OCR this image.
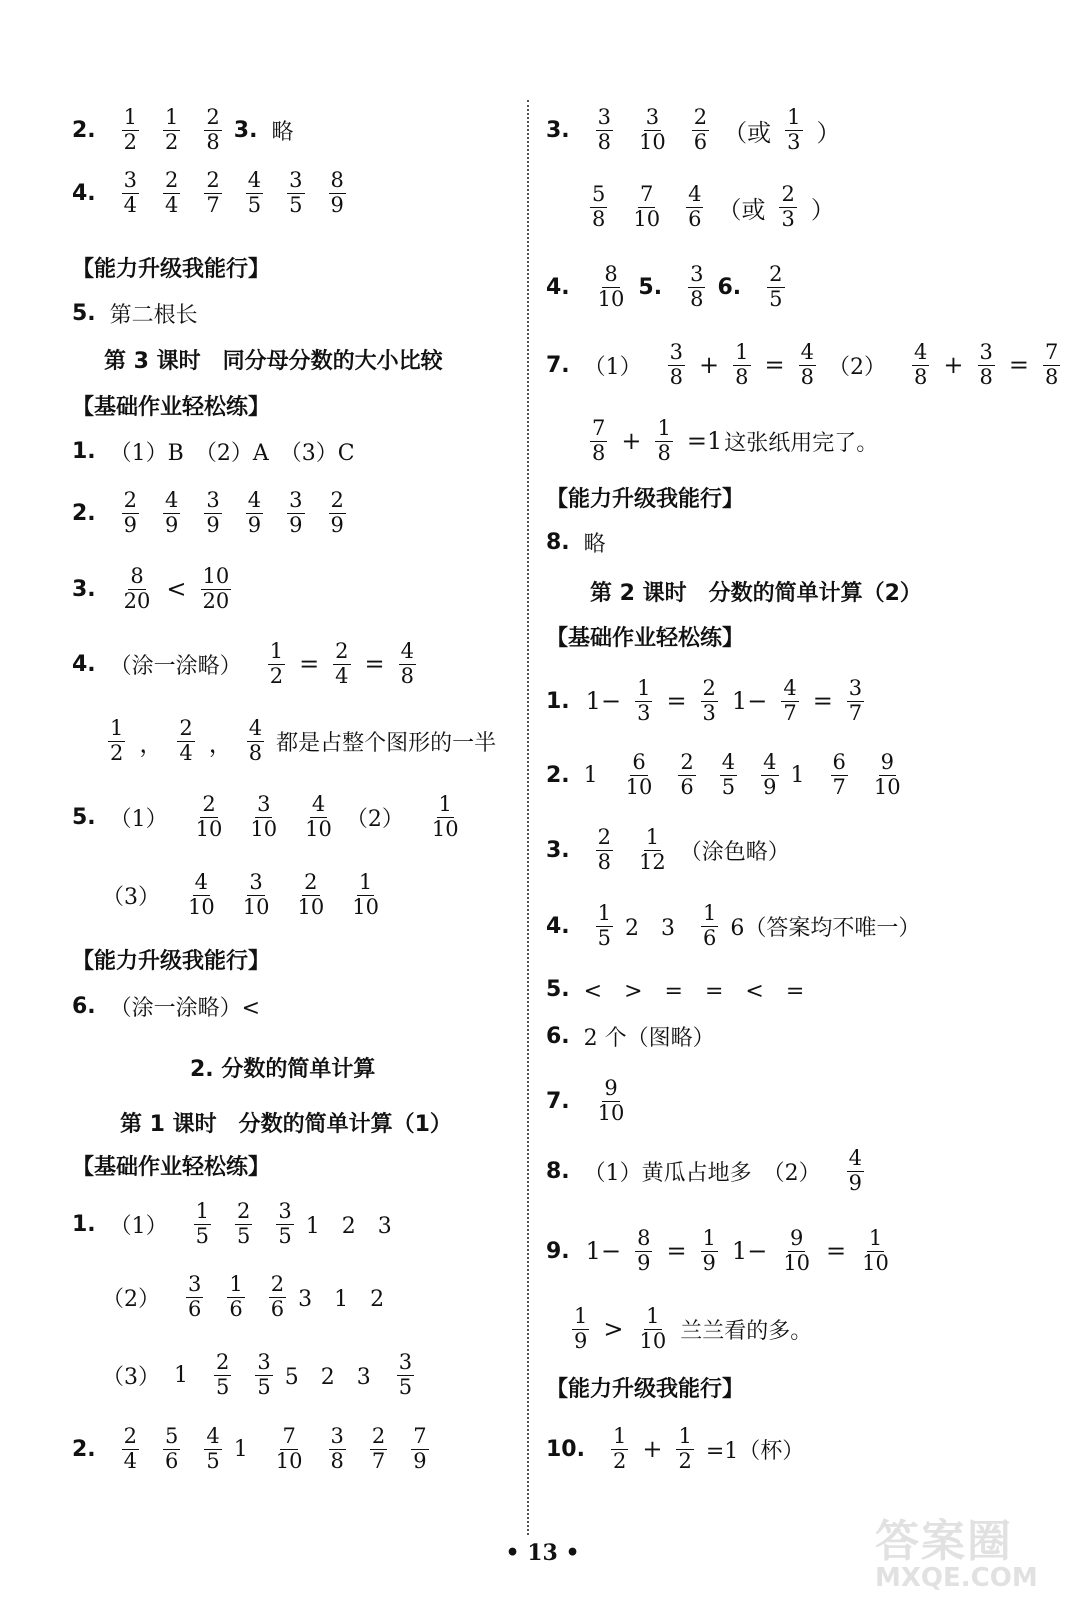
2. $\frac{1}{2} \frac{1}{2} \frac{2}{8} 3$. 略
4. $\frac{3}{4} \frac{2}{4} \frac{2}{7} \frac{4}{5} \frac{3}{5} \frac{8}{9}$
【能力升级我能行】
5. 第二根长
第 3 课时　同分母分数的大小比较
【基础作业轻松练】
1. （1）B　（2）A　（3）C
2. $\frac{2}{9} \frac{4}{9} \frac{3}{9} \frac{4}{9} \frac{3}{9} \frac{2}{9}$
3. $\frac{8}{20} < \frac{10}{20}$
4. （涂一涂略） $\frac{1}{2} = \frac{2}{4} = \frac{4}{8}$
$\frac{1}{2}$ ， $\frac{2}{4}$ ， $\frac{4}{8}$ 都是占整个图形的一半
5. $(1) \frac{2}{10} \frac{3}{10} \frac{4}{10} (2) \frac{1}{10}$
$(3) \frac{4}{10} \frac{3}{10} \frac{2}{10} \frac{1}{10}$
【能力升级我能行】
6. （涂一涂略）<
2. 分数的简单计算
第 1 课时　分数的简单计算（1）
【基础作业轻松练】
1. $(1) \frac{1}{5} \frac{2}{5} \frac{3}{5} 1$　2　3
$(2) \frac{3}{6} \frac{1}{6} \frac{2}{6} 3$　1　2
（3） $1 \frac{2}{5} \frac{3}{5} 5$　2　$3 \frac{3}{5}$
2. $\frac{2}{4} \frac{5}{6} \frac{4}{5} 1 \frac{7}{10} \frac{3}{8} \frac{2}{7} \frac{7}{9}$
3. $\frac{3}{8} \frac{3}{10} \frac{2}{6}$ （或 $\frac{1}{3}$ ）
$\frac{5}{8} \frac{7}{10} \frac{4}{6}$ （或 $\frac{2}{3}$ ）
4. $\frac{8}{10} 5$. $\frac{3}{8} 6$. $\frac{2}{5}$
7. $(1) \frac{3}{8} + \frac{1}{8} = \frac{4}{8} (2) \frac{4}{8} + \frac{3}{8} = \frac{7}{8}$
$\frac{7}{8} + \frac{1}{8} =1$ 这张纸用完了。
【能力升级我能行】
8. 略
第 2 课时　分数的简单计算（2）
【基础作业轻松练】
1. $1- \frac{1}{3} = \frac{2}{3} 1- \frac{4}{7} = \frac{3}{7}$
2. $1 \frac{6}{10} \frac{2}{6} \frac{4}{5} \frac{4}{9} 1 \frac{6}{7} \frac{9}{10}$
3. $\frac{2}{8} \frac{1}{12}$ （涂色略）
4. $\frac{1}{5} 2$　$3 \frac{1}{6} 6$（答案均不唯一）
5. <　>　=　=　<　=
6. 2 个（图略）
7. $\frac{9}{10}$
8. （1）黄瓜占地多　$(2) \frac{4}{9}$
9. $1- \frac{8}{9} = \frac{1}{9} 1- \frac{9}{10} = \frac{1}{10}$
$\frac{1}{9} > \frac{1}{10}$ 兰兰看的多。
【能力升级我能行】
10. $\frac{1}{2} + \frac{1}{2} =1$（杯）
• 13 •	答案圈
MXQE.COM
